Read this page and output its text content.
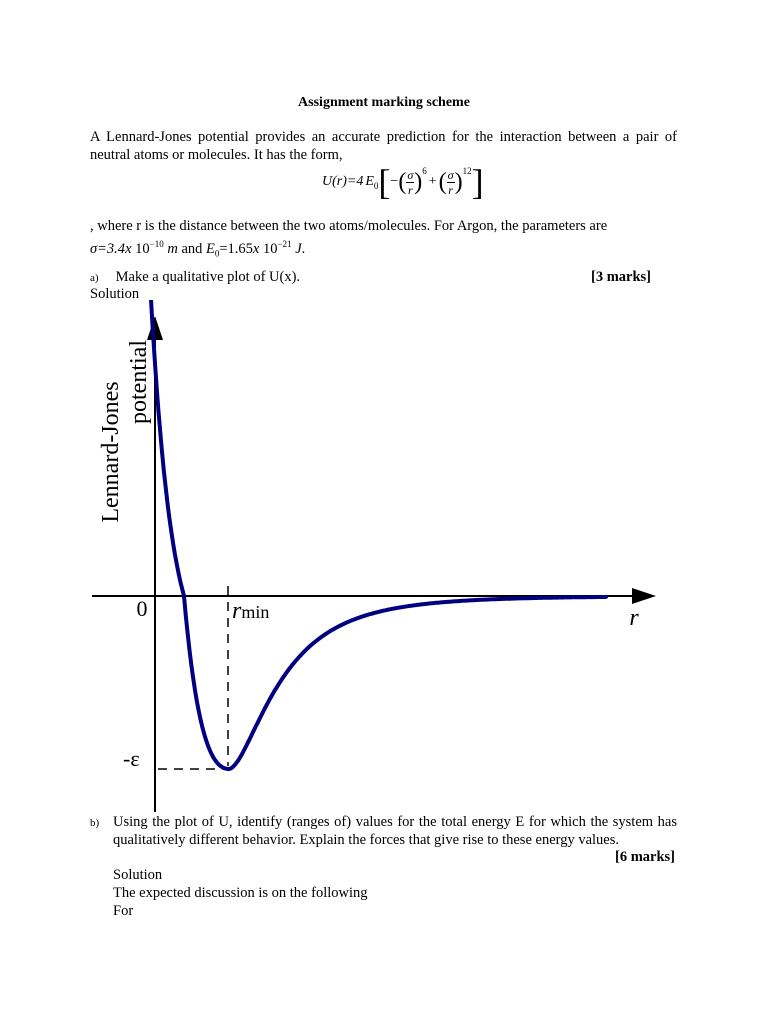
Assignment marking scheme
A Lennard-Jones potential provides an accurate prediction for the interaction between a pair of neutral atoms or molecules. It has the form,
U(r)=4 $E_0$ [ − ( $\frac{\sigma}{r} )^6$
+ ( $\frac{\sigma}{r} )^{12}$ ]
, where r is the distance between the two atoms/molecules. For Argon, the parameters are
σ=3.4x $10^{-10}$ m and $E_0=1.65x$ $10^{-21}$ J.
a) Make a qualitative plot of U(x).	[3 marks]
Solution
Lennard-Jones potential
0	r
rmin
-ε
b) Using the plot of U, identify (ranges of) values for the total energy E for which the system has qualitatively different behavior. Explain the forces that give rise to these energy values.
[6 marks]
Solution
The expected discussion is on the following
For
